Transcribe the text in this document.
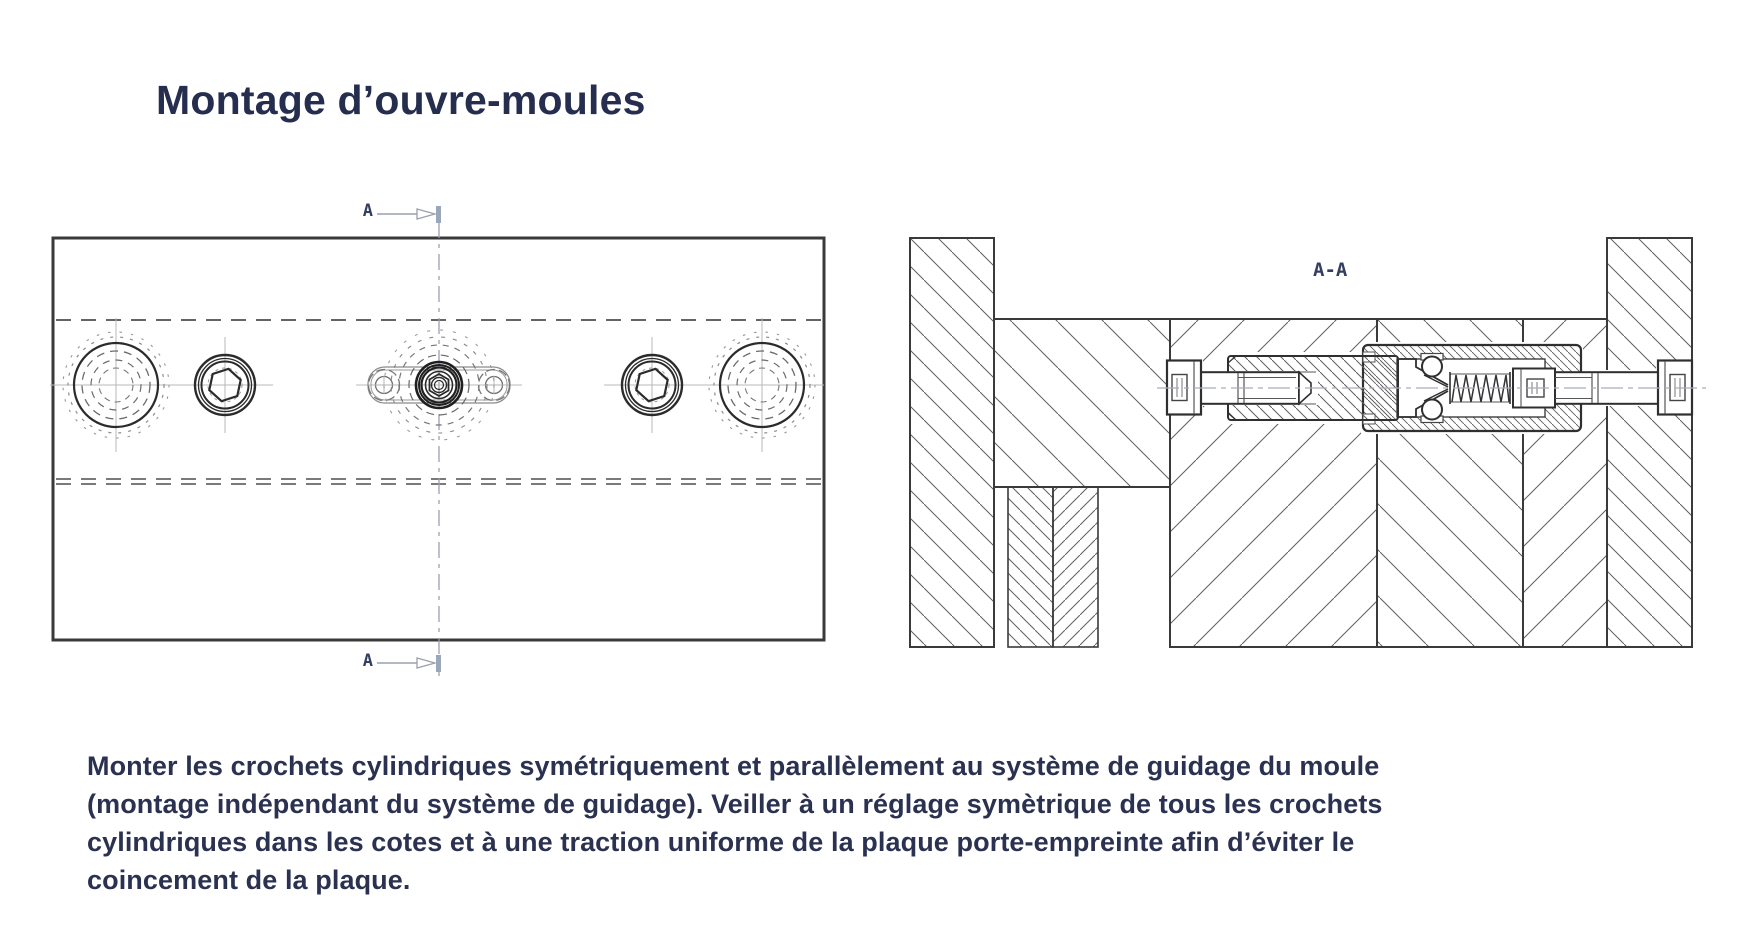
Montage d’ouvre-moules
A
A
A-A
Monter les crochets cylindriques symétriquement et parallèlement au système de guidage du moule
(montage indépendant du système de guidage). Veiller à un réglage symètrique de tous les crochets
cylindriques dans les cotes et à une traction uniforme de la plaque porte-empreinte afin d’éviter le
coincement de la plaque.
